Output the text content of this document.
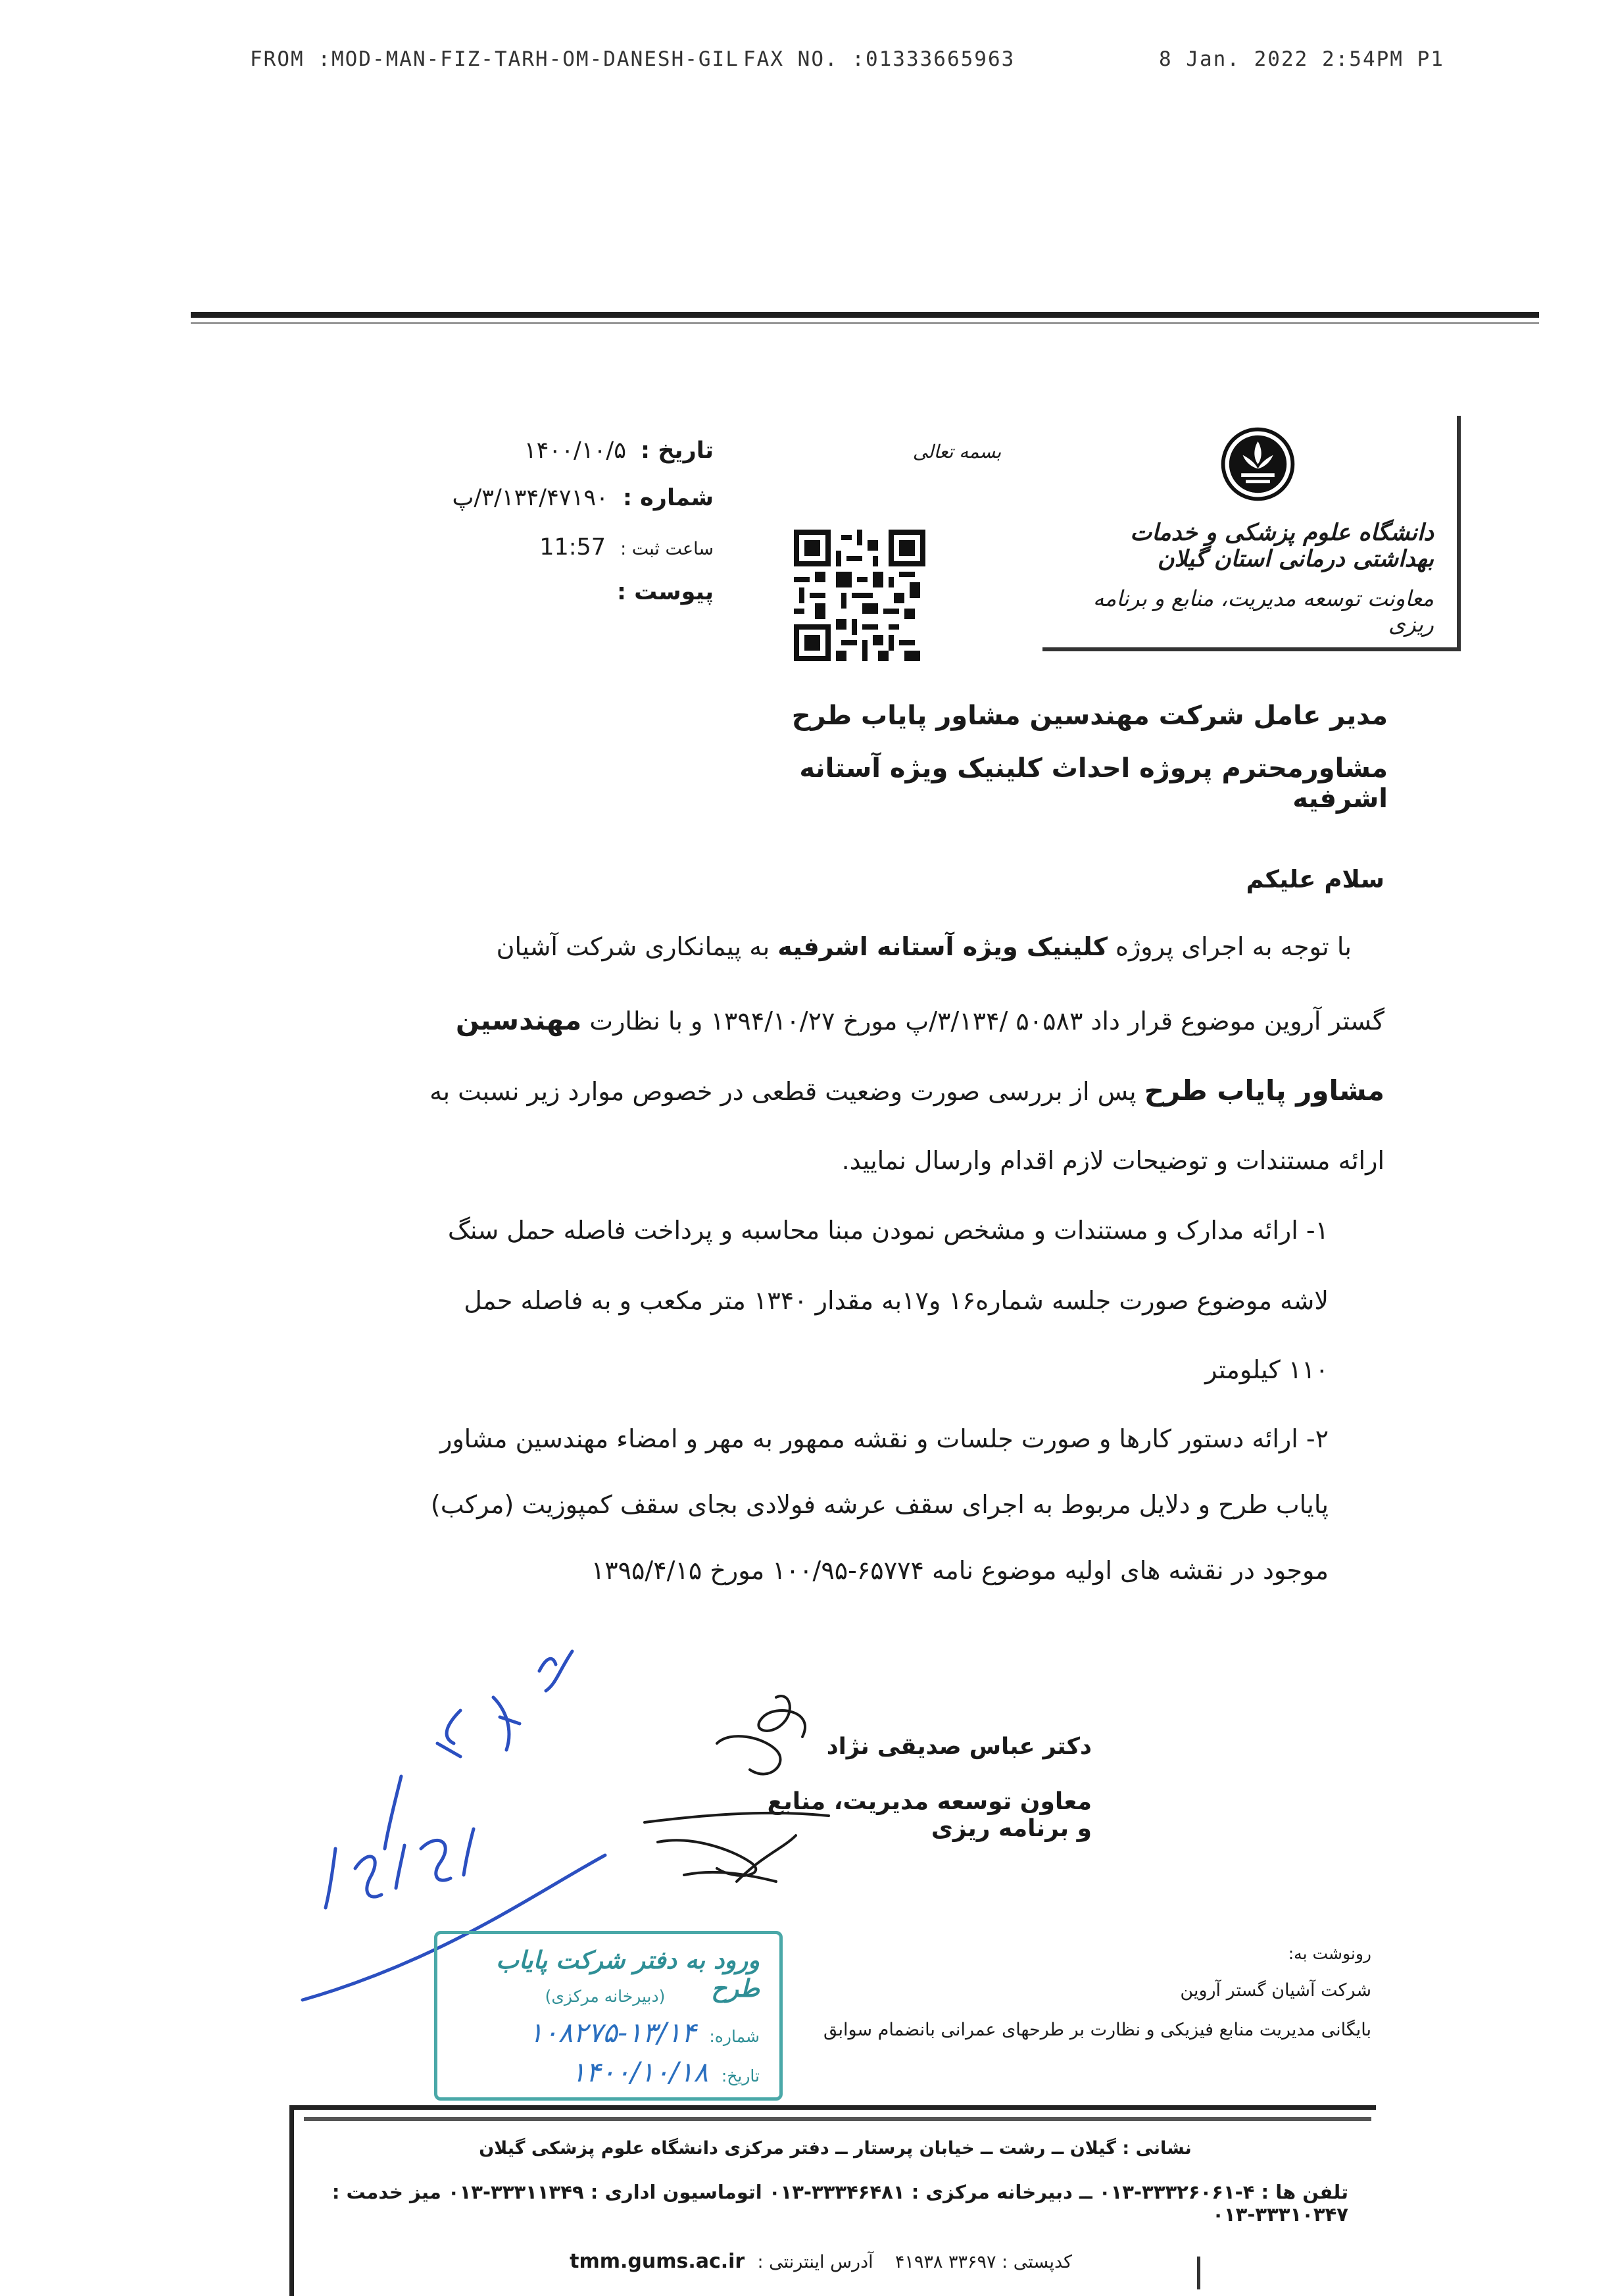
FROM :MOD-MAN-FIZ-TARH-OM-DANESH-GIL FAX NO. :01333665963	8 Jan. 2022 2:54PM P1
دانشگاه علوم پزشکی و خدمات بهداشتی درمانی استان گیلان
معاونت توسعه مدیریت، منابع و برنامه ریزی
بسمه تعالی
تاریخ :۱۴۰۰/۱۰/۵
شماره :۳/۱۳۴/۴۷۱۹۰/پ
ساعت ثبت :11:57
پیوست :
مدیر عامل شرکت مهندسین مشاور پایاب طرح
مشاورمحترم پروژه احداث کلینیک ویژه آستانه اشرفیه
سلام علیکم
با توجه به اجرای پروژه کلینیک ویژه آستانه اشرفیه به پیمانکاری شرکت آشیان
گستر آروین موضوع قرار داد ۵۰۵۸۳ /۳/۱۳۴/پ مورخ ۱۳۹۴/۱۰/۲۷ و با نظارت مهندسین
مشاور پایاب طرح پس از بررسی صورت وضعیت قطعی در خصوص موارد زیر نسبت به
ارائه مستندات و توضیحات لازم اقدام وارسال نمایید.
۱- ارائه مدارک و مستندات و مشخص نمودن مبنا محاسبه و پرداخت فاصله حمل سنگ
لاشه موضوع صورت جلسه شماره۱۶ و۱۷به مقدار ۱۳۴۰ متر مکعب و به فاصله حمل
۱۱۰ کیلومتر
۲- ارائه دستور کارها و صورت جلسات و نقشه ممهور به مهر و امضاء مهندسین مشاور
پایاب طرح و دلایل مربوط به اجرای سقف عرشه فولادی بجای سقف کمپوزیت (مرکب)
موجود در نقشه های اولیه موضوع نامه ۶۵۷۷۴-۱۰۰/۹۵ مورخ ۱۳۹۵/۴/۱۵
دکتر عباس صدیقی نژاد
معاون توسعه مدیریت، منابع و برنامه ریزی
رونوشت به:
شرکت آشیان گستر آروین
بایگانی مدیریت منابع فیزیکی و نظارت بر طرحهای عمرانی بانضمام سوابق
ورود به دفتر شرکت پایاب طرح
(دبیرخانه مرکزی)
شماره:۱۳/۱۴-۱۰۸۲۷۵
تاریخ:۱۴۰۰/۱۰/۱۸
نشانی : گیلان ــ رشت ــ خیابان پرستار ــ دفتر مرکزی دانشگاه علوم پزشکی گیلان
تلفن ها : ۴-۳۳۳۲۶۰۶۱-۰۱۳ ــ دبیرخانه مرکزی : ۳۳۳۴۶۴۸۱-۰۱۳ اتوماسیون اداری : ۳۳۳۱۱۳۴۹-۰۱۳ میز خدمت : ۳۳۳۱۰۳۴۷-۰۱۳
کدپستی : ۳۳۶۹۷ ۴۱۹۳۸ آدرس اینترنتی : tmm.gums.ac.ir
